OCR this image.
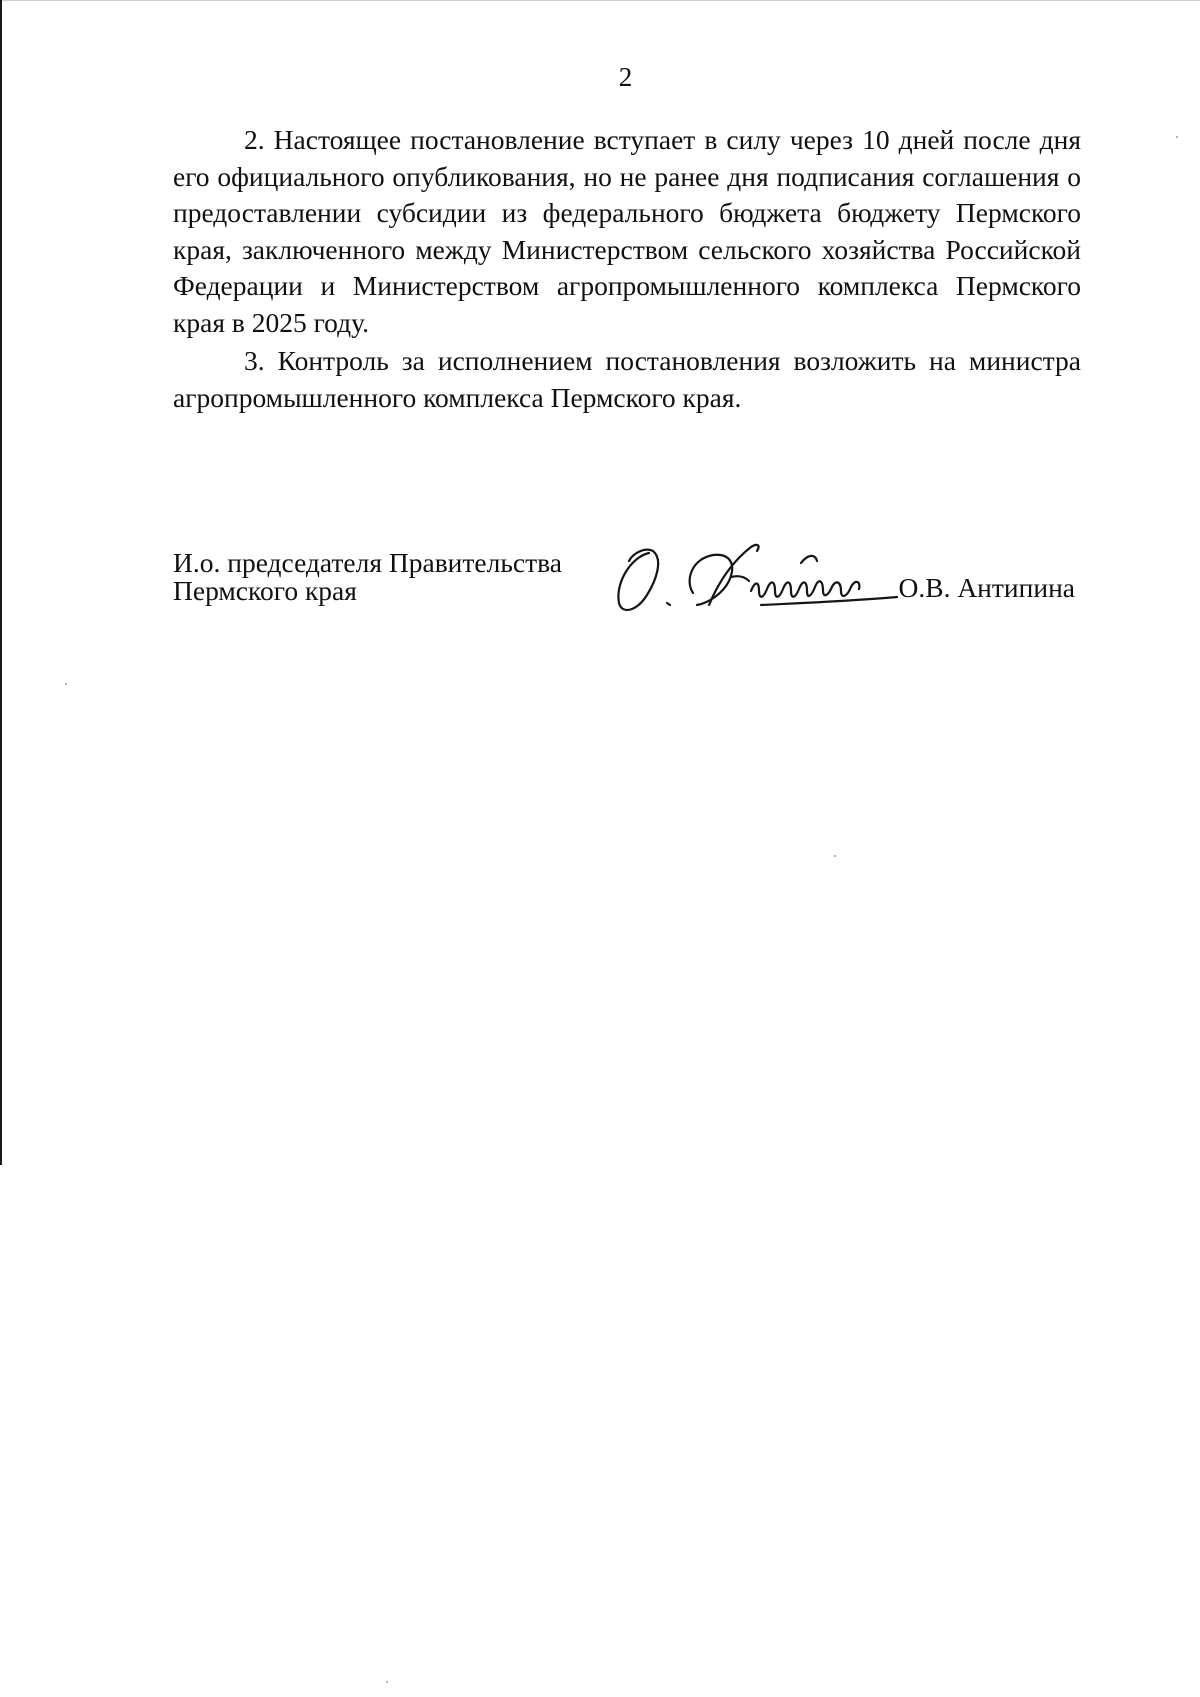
2

2. Настоящее постановление вступает в силу через 10 дней после дня его официального опубликования, но не ранее дня подписания соглашения о предоставлении субсидии из федерального бюджета бюджету Пермского края, заключенного между Министерством сельского хозяйства Российской Федерации и Министерством агропромышленного комплекса Пермского края в 2025 году.

3. Контроль за исполнением постановления возложить на министра агропромышленного комплекса Пермского края.

И.о. председателя Правительства
Пермского края	О.В. Антипина
